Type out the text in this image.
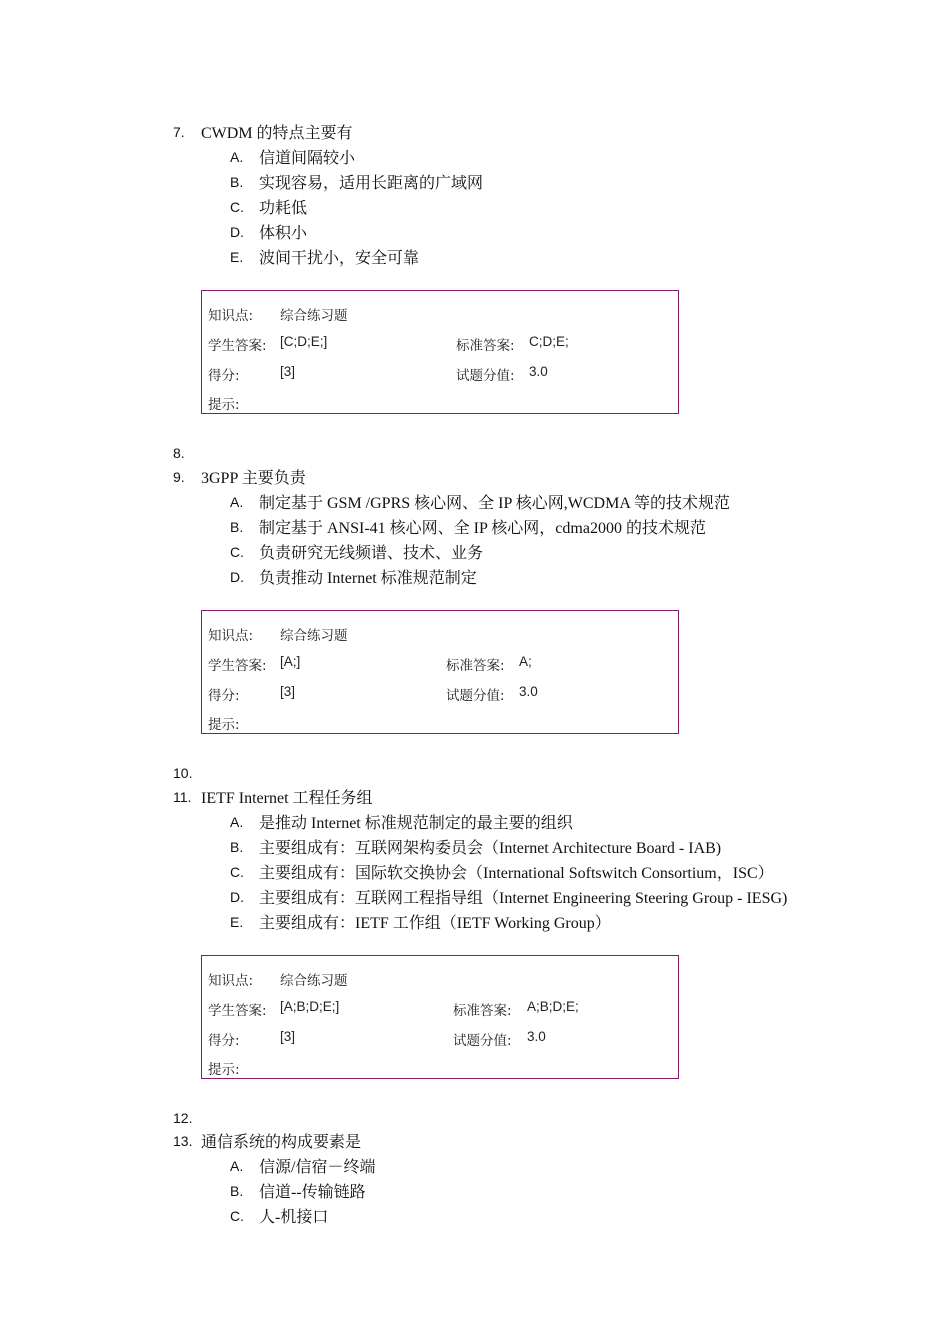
7. CWDM 的特点主要有
A. 信道间隔较小
B. 实现容易，适用长距离的广域网
C. 功耗低
D. 体积小
E. 波间干扰小，安全可靠
知识点: 综合练习题
学生答案: [C;D;E;]	标准答案: C;D;E;
得分:	[3]	试题分值: 3.0
提示:
8.
9. 3GPP 主要负责
A. 制定基于 GSM /GPRS 核心网、全 IP 核心网,WCDMA 等的技术规范
B. 制定基于 ANSI-41 核心网、全 IP 核心网，cdma2000 的技术规范
C. 负责研究无线频谱、技术、业务
D. 负责推动 Internet 标准规范制定
知识点: 综合练习题
学生答案: [A;]	标准答案: A;
得分:	[3]	试题分值: 3.0
提示:
10.
11. IETF Internet 工程任务组
A. 是推动 Internet 标准规范制定的最主要的组织
B. 主要组成有：互联网架构委员会（Internet Architecture Board - IAB)
C. 主要组成有：国际软交换协会（International Softswitch Consortium，ISC）
D. 主要组成有：互联网工程指导组（Internet Engineering Steering Group - IESG)
E. 主要组成有：IETF 工作组（IETF Working Group）
知识点: 综合练习题
学生答案: [A;B;D;E;]	标准答案: A;B;D;E;
得分:	[3]	试题分值: 3.0
提示:
12.
13. 通信系统的构成要素是
A. 信源/信宿－终端
B. 信道--传输链路
C. 人-机接口
